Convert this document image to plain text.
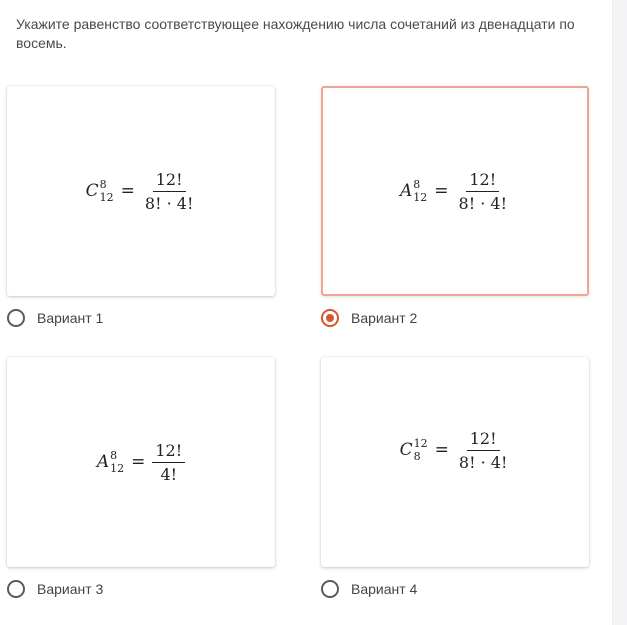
Укажите равенство соответствующее нахождению числа сочетаний из двенадцати по восемь.
C 8
$12 = \frac{12!}{8! \cdot 4!}$
Вариант 1
A 8
$12 = \frac{12!}{8! \cdot 4!}$
Вариант 2
A 8
$12 = \frac{12!}{4!}$
Вариант 3
C 12
$8 = \frac{12!}{8! \cdot 4!}$
Вариант 4
